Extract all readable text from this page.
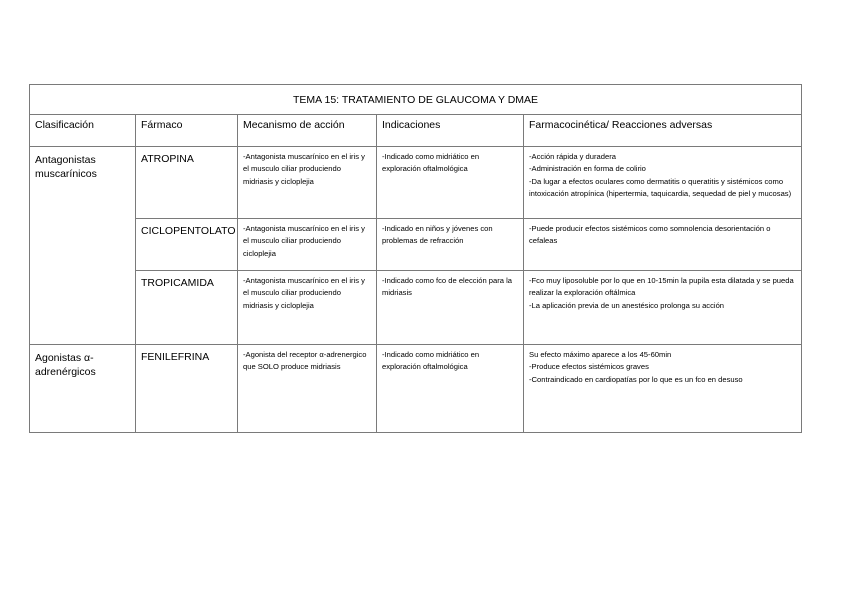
TEMA 15: TRATAMIENTO DE GLAUCOMA Y DMAE				
Clasificación	Fármaco	Mecanismo de acción	Indicaciones	Farmacocinética/ Reacciones adversas
Antagonistas muscarínicos	ATROPINA	-Antagonista muscarínico en el iris y el musculo ciliar produciendo midriasis y cicloplejia	-Indicado como midriático en exploración oftalmológica	-Acción rápida y duradera
-Administración en forma de colirio
-Da lugar a efectos oculares como dermatitis o queratitis y sistémicos como intoxicación atropínica (hipertermia, taquicardia, sequedad de piel y mucosas)

	CICLOPENTOLATO	-Antagonista muscarínico en el iris y el musculo ciliar produciendo cicloplejia	-Indicado en niños y jóvenes con problemas de refracción	-Puede producir efectos sistémicos como somnolencia desorientación o cefaleas

	TROPICAMIDA	-Antagonista muscarínico en el iris y el musculo ciliar produciendo midriasis y cicloplejia	-Indicado como fco de elección para la midriasis	-Fco muy liposoluble por lo que en 10-15min la pupila esta dilatada y se pueda realizar la exploración oftálmica
-La aplicación previa de un anestésico prolonga su acción

Agonistas α-adrenérgicos	FENILEFRINA	-Agonista del receptor α-adrenergico que SOLO produce midriasis	-Indicado como midriático en exploración oftalmológica	Su efecto máximo aparece a los 45-60min
-Produce efectos sistémicos graves
-Contraindicado en cardiopatías por lo que es un fco en desuso
